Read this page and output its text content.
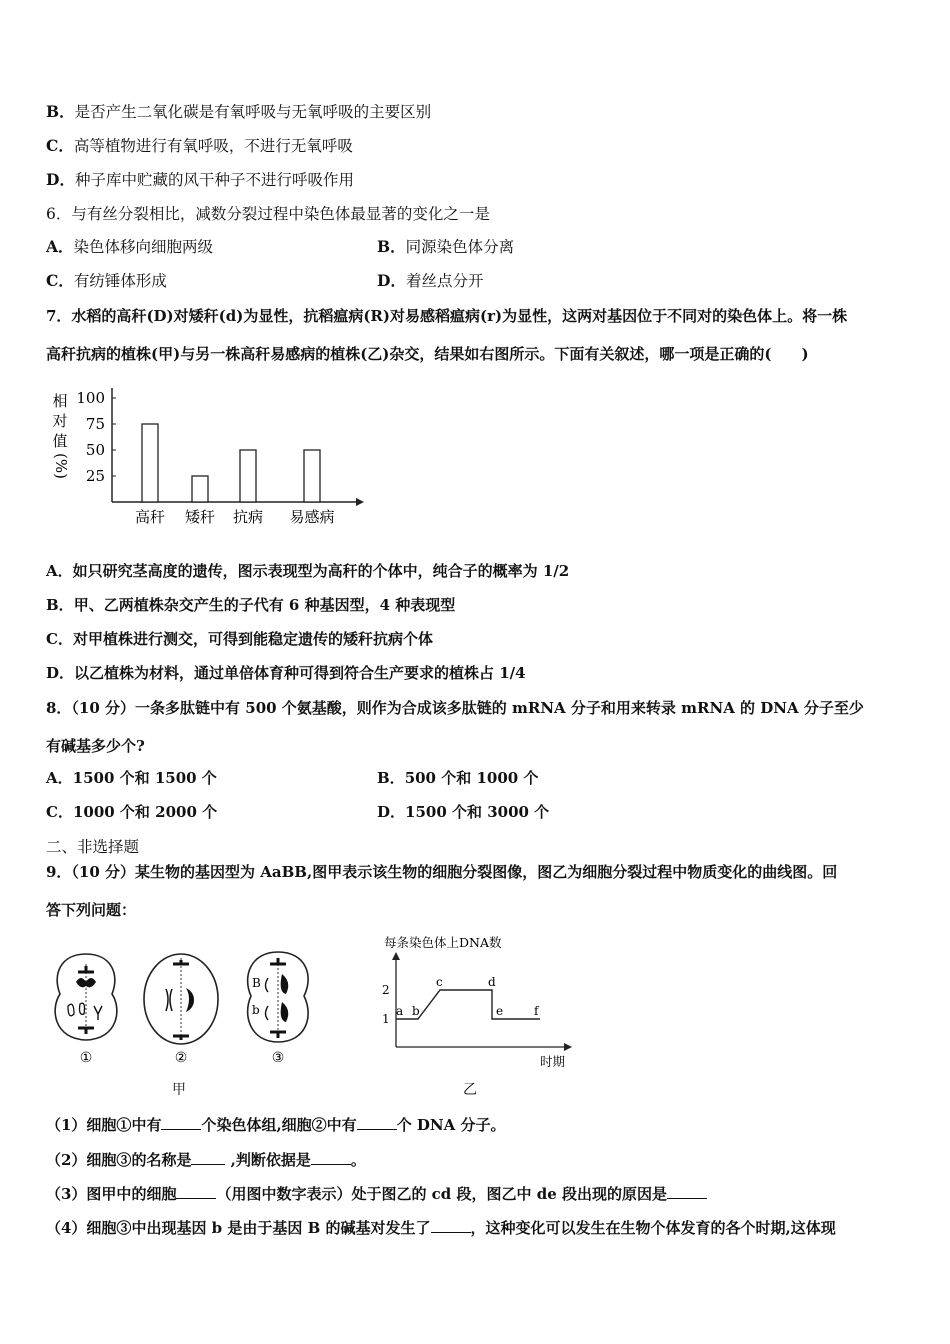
B．是否产生二氧化碳是有氧呼吸与无氧呼吸的主要区别
C．高等植物进行有氧呼吸，不进行无氧呼吸
D．种子库中贮藏的风干种子不进行呼吸作用
6．与有丝分裂相比，减数分裂过程中染色体最显著的变化之一是
A．染色体移向细胞两级	B．同源染色体分离
C．有纺锤体形成	D．着丝点分开
7．水稻的高秆(D)对矮秆(d)为显性，抗稻瘟病(R)对易感稻瘟病(r)为显性，这两对基因位于不同对的染色体上。将一株
高秆抗病的植株(甲)与另一株高秆易感病的植株(乙)杂交，结果如右图所示。下面有关叙述，哪一项是正确的(　　)
相
对
值
(%)
100
75
50
25
高秆 矮秆 抗病 易感病
A．如只研究茎高度的遗传，图示表现型为高秆的个体中，纯合子的概率为 1/2
B．甲、乙两植株杂交产生的子代有 6 种基因型，4 种表现型
C．对甲植株进行测交，可得到能稳定遗传的矮秆抗病个体
D．以乙植株为材料，通过单倍体育种可得到符合生产要求的植株占 1/4
8．（10 分）一条多肽链中有 500 个氨基酸，则作为合成该多肽链的 mRNA 分子和用来转录 mRNA 的 DNA 分子至少
有碱基多少个?
A．1500 个和 1500 个	B．500 个和 1000 个
C．1000 个和 2000 个	D．1500 个和 3000 个
二、非选择题
9．（10 分）某生物的基因型为 AaBB,图甲表示该生物的细胞分裂图像，图乙为细胞分裂过程中物质变化的曲线图。回
答下列问题：
B
b
①	②	③
甲
每条染色体上DNA数
2
1
a b
c	d
e	f
时期
乙
（1）细胞①中有	个染色体组,细胞②中有	个 DNA 分子。
（2）细胞③的名称是 ,判断依据是	。
（3）图甲中的细胞	（用图中数字表示）处于图乙的 cd 段，图乙中 de 段出现的原因是
（4）细胞③中出现基因 b 是由于基因 B 的碱基对发生了	，这种变化可以发生在生物个体发育的各个时期,这体现
